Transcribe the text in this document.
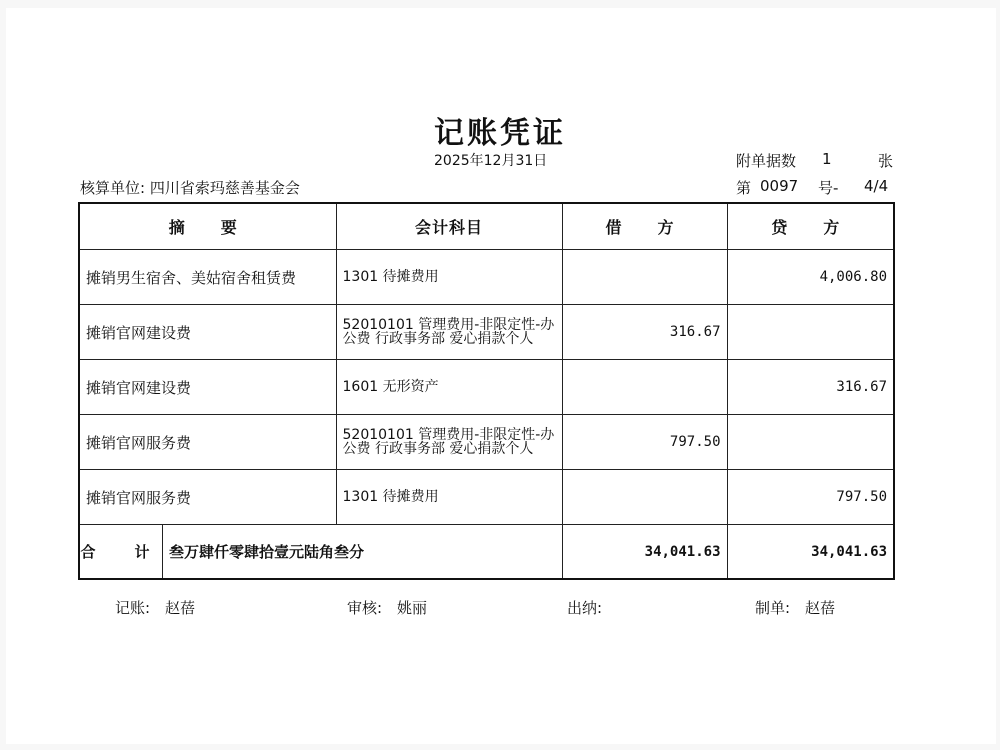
记账凭证
2025年12月31日	附单据数 1	张
核算单位: 四川省索玛慈善基金会	第 0097 号- 4/4
摘　要	会计科目	借　方	贷　方
摊销男生宿舍、美姑宿舍租赁费	1301 待摊费用		4,006.80
摊销官网建设费	52010101 管理费用-非限定性-办公费 行政事务部 爱心捐款个人	316.67	
摊销官网建设费	1601 无形资产		316.67
摊销官网服务费	52010101 管理费用-非限定性-办公费 行政事务部 爱心捐款个人	797.50	
摊销官网服务费	1301 待摊费用		797.50

合　计 叁万肆仟零肆拾壹元陆角叁分		34,041.63	34,041.63
记账:　赵蓓	审核:　姚丽	出纳:	制单:　赵蓓
